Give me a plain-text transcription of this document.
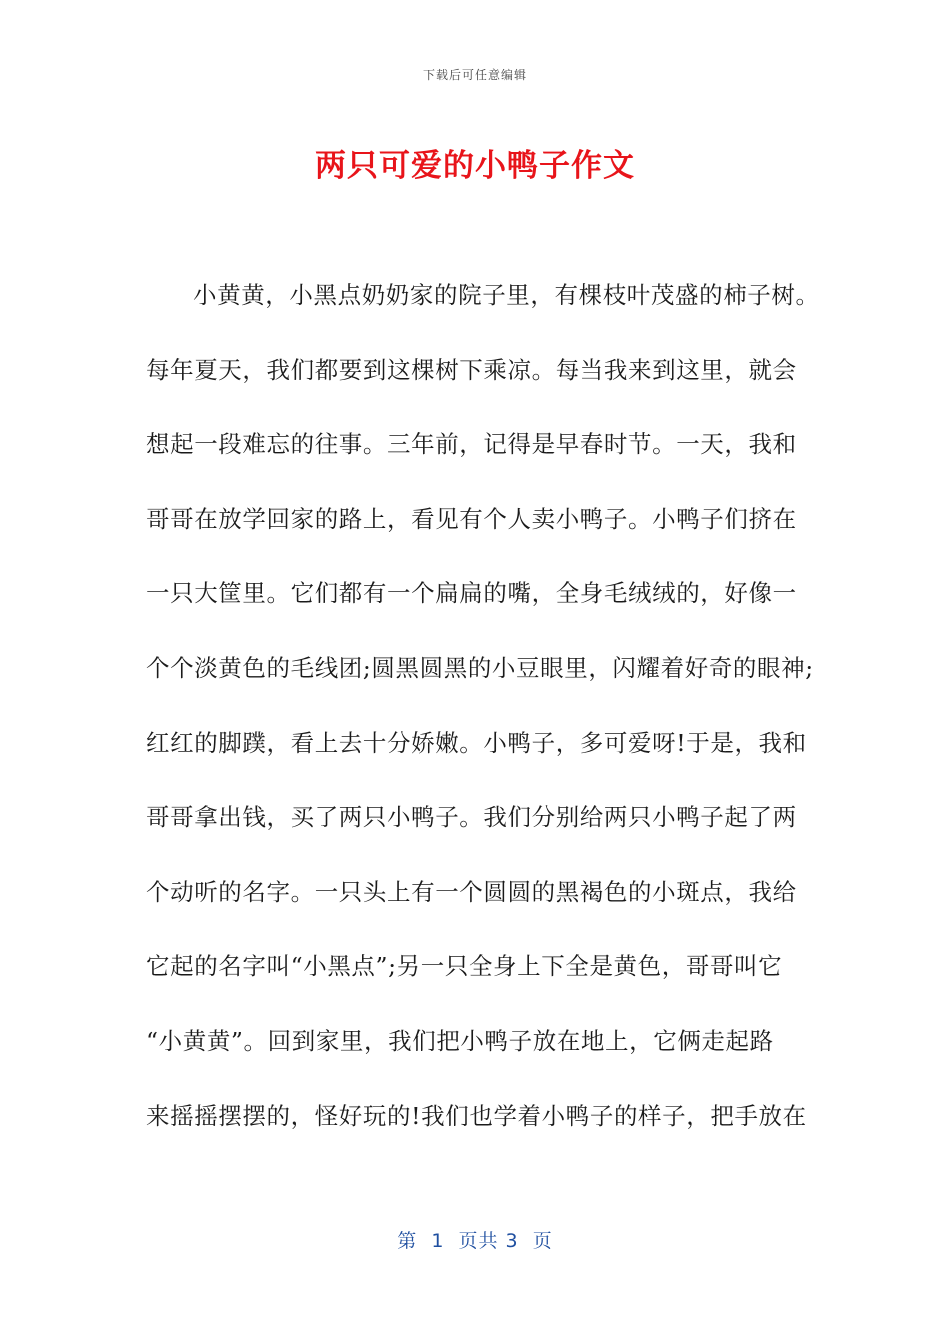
下载后可任意编辑
两只可爱的小鸭子作文
小黄黄，小黑点奶奶家的院子里，有棵枝叶茂盛的柿子树。
每年夏天，我们都要到这棵树下乘凉。每当我来到这里，就会
想起一段难忘的往事。三年前，记得是早春时节。一天，我和
哥哥在放学回家的路上，看见有个人卖小鸭子。小鸭子们挤在
一只大筐里。它们都有一个扁扁的嘴，全身毛绒绒的，好像一
个个淡黄色的毛线团;圆黑圆黑的小豆眼里，闪耀着好奇的眼神;
红红的脚蹼，看上去十分娇嫩。小鸭子，多可爱呀!于是，我和
哥哥拿出钱，买了两只小鸭子。我们分别给两只小鸭子起了两
个动听的名字。一只头上有一个圆圆的黑褐色的小斑点，我给
它起的名字叫“小黑点”;另一只全身上下全是黄色，哥哥叫它
“小黄黄”。回到家里，我们把小鸭子放在地上，它俩走起路
来摇摇摆摆的，怪好玩的!我们也学着小鸭子的样子，把手放在
第  1  页共 3  页
